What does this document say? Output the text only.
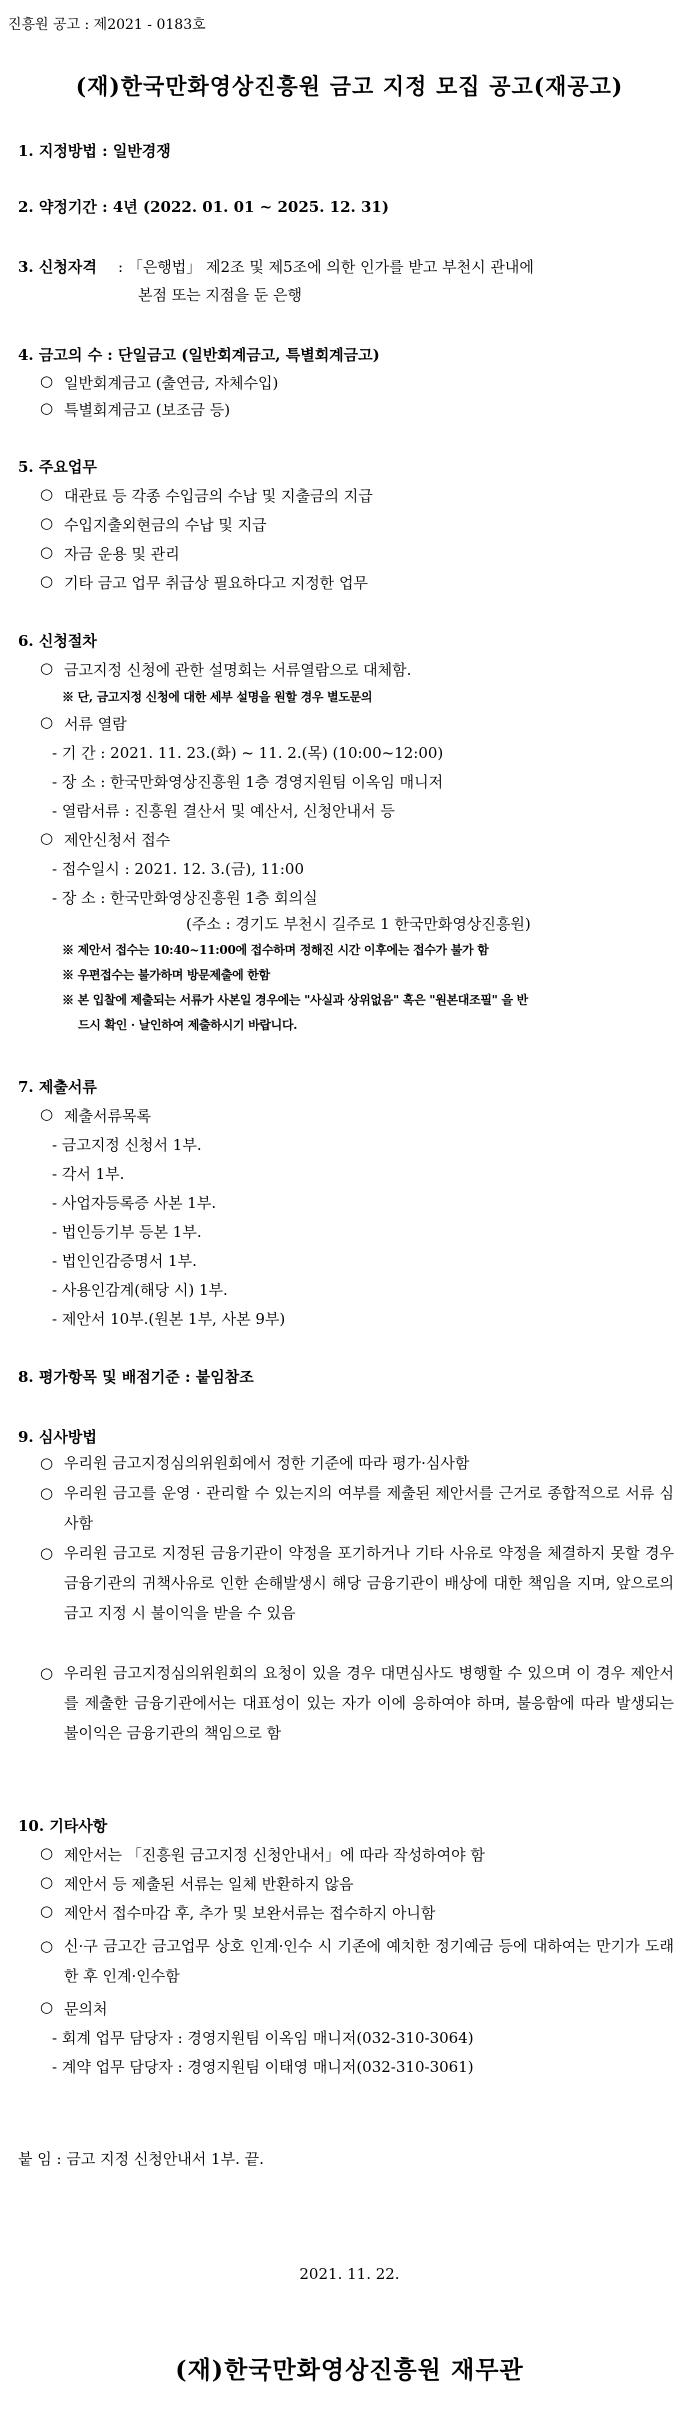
진흥원 공고 : 제2021 - 0183호
(재)한국만화영상진흥원 금고 지정 모집 공고(재공고)
1. 지정방법 : 일반경쟁
2. 약정기간 : 4년 (2022. 01. 01 ~ 2025. 12. 31)
3. 신청자격 : 「은행법」 제2조 및 제5조에 의한 인가를 받고 부천시 관내에
본점 또는 지점을 둔 은행
4. 금고의 수 : 단일금고 (일반회계금고, 특별회계금고)
일반회계금고 (출연금, 자체수입)
특별회계금고 (보조금 등)
5. 주요업무
대관료 등 각종 수입금의 수납 및 지출금의 지급
수입지출외현금의 수납 및 지급
자금 운용 및 관리
기타 금고 업무 취급상 필요하다고 지정한 업무
6. 신청절차
금고지정 신청에 관한 설명회는 서류열람으로 대체함.
※ 단, 금고지정 신청에 대한 세부 설명을 원할 경우 별도문의
서류 열람
- 기 간 : 2021. 11. 23.(화) ~ 11. 2.(목) (10:00~12:00)
- 장 소 : 한국만화영상진흥원 1층 경영지원팀 이옥임 매니저
- 열람서류 : 진흥원 결산서 및 예산서, 신청안내서 등
제안신청서 접수
- 접수일시 : 2021. 12. 3.(금), 11:00
- 장 소 : 한국만화영상진흥원 1층 회의실
(주소 : 경기도 부천시 길주로 1 한국만화영상진흥원)
※ 제안서 접수는 10:40~11:00에 접수하며 정해진 시간 이후에는 접수가 불가 함
※ 우편접수는 불가하며 방문제출에 한함
※ 본 입찰에 제출되는 서류가 사본일 경우에는 "사실과 상위없음" 혹은 "원본대조필" 을 반
드시 확인 · 날인하여 제출하시기 바랍니다.
7. 제출서류
제출서류목록
- 금고지정 신청서 1부.
- 각서 1부.
- 사업자등록증 사본 1부.
- 법인등기부 등본 1부.
- 법인인감증명서 1부.
- 사용인감계(해당 시) 1부.
- 제안서 10부.(원본 1부, 사본 9부)
8. 평가항목 및 배점기준 : 붙임참조
9. 심사방법
우리원 금고지정심의위원회에서 정한 기준에 따라 평가·심사함
우리원 금고를 운영 · 관리할 수 있는지의 여부를 제출된 제안서를 근거로 종합적으로 서류 심사함
우리원 금고로 지정된 금융기관이 약정을 포기하거나 기타 사유로 약정을 체결하지 못할 경우 금융기관의 귀책사유로 인한 손해발생시 해당 금융기관이 배상에 대한 책임을 지며, 앞으로의 금고 지정 시 불이익을 받을 수 있음
우리원 금고지정심의위원회의 요청이 있을 경우 대면심사도 병행할 수 있으며 이 경우 제안서를 제출한 금융기관에서는 대표성이 있는 자가 이에 응하여야 하며, 불응함에 따라 발생되는 불이익은 금융기관의 책임으로 함
10. 기타사항
제안서는 「진흥원 금고지정 신청안내서」에 따라 작성하여야 함
제안서 등 제출된 서류는 일체 반환하지 않음
제안서 접수마감 후, 추가 및 보완서류는 접수하지 아니함
신·구 금고간 금고업무 상호 인계·인수 시 기존에 예치한 정기예금 등에 대하여는 만기가 도래한 후 인계·인수함
문의처
- 회계 업무 담당자 : 경영지원팀 이옥임 매니저(032-310-3064)
- 계약 업무 담당자 : 경영지원팀 이태영 매니저(032-310-3061)
붙 임 : 금고 지정 신청안내서 1부. 끝.
2021. 11. 22.
(재)한국만화영상진흥원 재무관
